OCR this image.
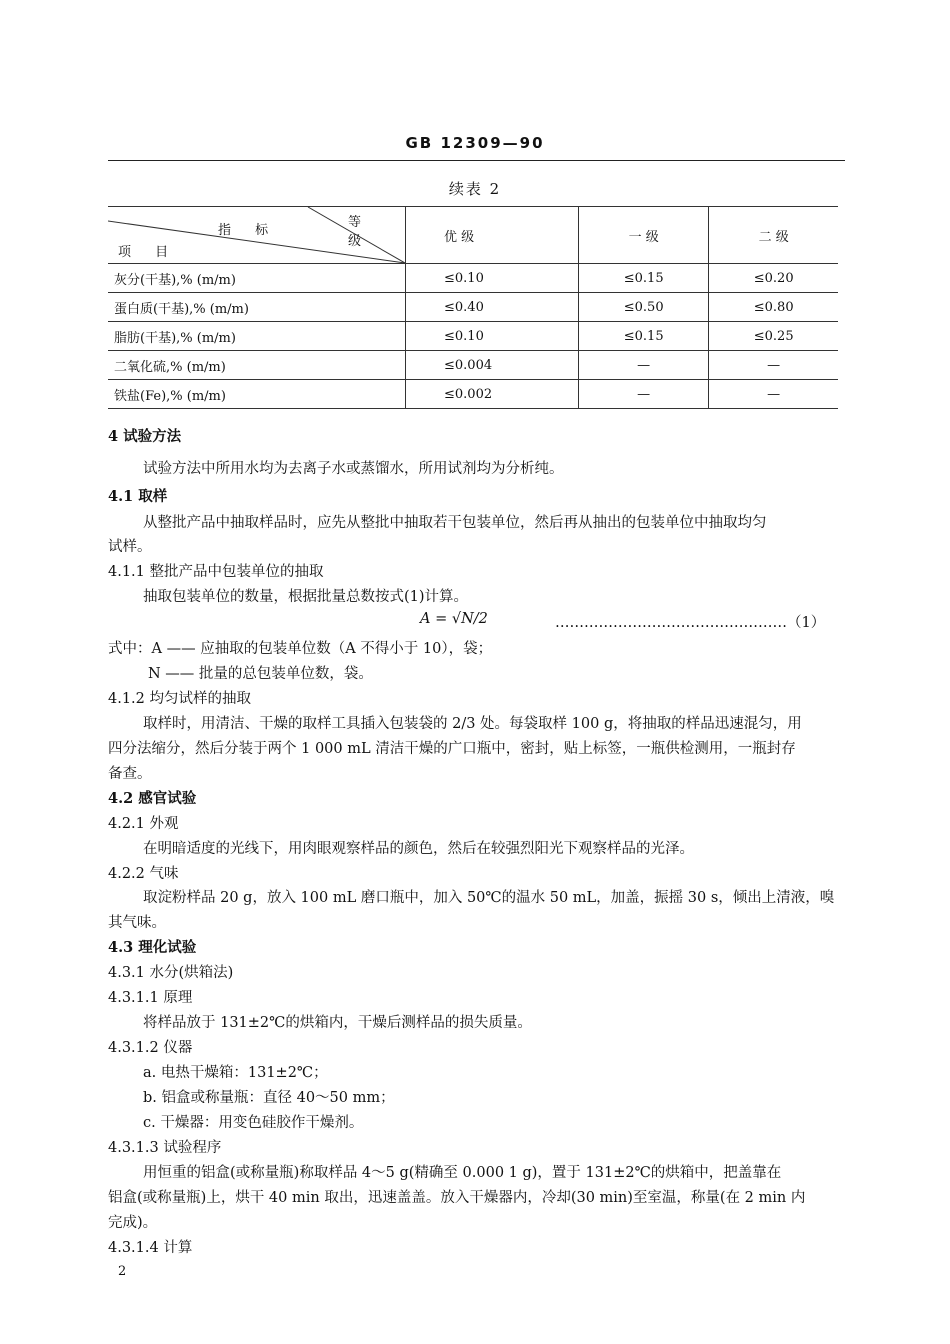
GB 12309—90
续表 2
指 标
等 级
项 目	优 级	一 级	二 级
灰分(干基),% (m/m)	≤0.10	≤0.15	≤0.20
蛋白质(干基),% (m/m)	≤0.40	≤0.50	≤0.80
脂肪(干基),% (m/m)	≤0.10	≤0.15	≤0.25
二氧化硫,% (m/m)	≤0.004	—	—
铁盐(Fe),% (m/m)	≤0.002	—	—
4 试验方法
试验方法中所用水均为去离子水或蒸馏水，所用试剂均为分析纯。
4.1 取样
从整批产品中抽取样品时，应先从整批中抽取若干包装单位，然后再从抽出的包装单位中抽取均匀
试样。
4.1.1 整批产品中包装单位的抽取
抽取包装单位的数量，根据批量总数按式(1)计算。
A = √N/2	…………………………………………（1）
式中：A —— 应抽取的包装单位数（A 不得小于 10），袋；
N —— 批量的总包装单位数，袋。
4.1.2 均匀试样的抽取
取样时，用清洁、干燥的取样工具插入包装袋的 2/3 处。每袋取样 100 g，将抽取的样品迅速混匀，用
四分法缩分，然后分装于两个 1 000 mL 清洁干燥的广口瓶中，密封，贴上标签，一瓶供检测用，一瓶封存
备查。
4.2 感官试验
4.2.1 外观
在明暗适度的光线下，用肉眼观察样品的颜色，然后在较强烈阳光下观察样品的光泽。
4.2.2 气味
取淀粉样品 20 g，放入 100 mL 磨口瓶中，加入 50℃的温水 50 mL，加盖，振摇 30 s，倾出上清液，嗅
其气味。
4.3 理化试验
4.3.1 水分(烘箱法)
4.3.1.1 原理
将样品放于 131±2℃的烘箱内，干燥后测样品的损失质量。
4.3.1.2 仪器
a. 电热干燥箱：131±2℃；
b. 铝盒或称量瓶：直径 40～50 mm；
c. 干燥器：用变色硅胶作干燥剂。
4.3.1.3 试验程序
用恒重的铝盒(或称量瓶)称取样品 4～5 g(精确至 0.000 1 g)，置于 131±2℃的烘箱中，把盖靠在
铝盒(或称量瓶)上，烘干 40 min 取出，迅速盖盖。放入干燥器内，冷却(30 min)至室温，称量(在 2 min 内
完成)。
4.3.1.4 计算
2
